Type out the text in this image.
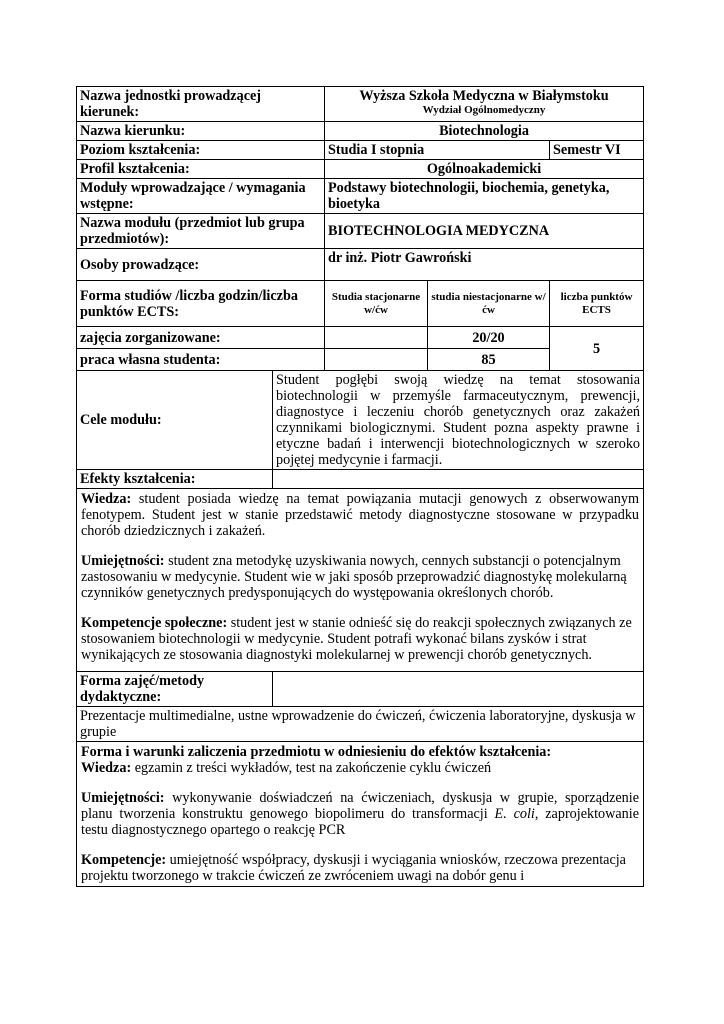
Nazwa jednostki prowadzącej kierunek:		Wyższa Szkoła Medyczna w Białymstoku
Wydział Ogólnomedyczny		

Nazwa kierunku:		Biotechnologia		
Poziom kształcenia:		Studia I stopnia		Semestr VI
Profil kształcenia:		Ogólnoakademicki		
Moduły wprowadzające / wymagania wstępne:		Podstawy biotechnologii, biochemia, genetyka, bioetyka		
Nazwa modułu (przedmiot lub grupa przedmiotów):		BIOTECHNOLOGIA MEDYCZNA		
Osoby prowadzące:		dr inż. Piotr Gawroński		
Forma studiów /liczba godzin/liczba punktów ECTS:		Studia stacjonarne w/ćw	studia niestacjonarne w/ćw	liczba punktów ECTS
zajęcia zorganizowane:			20/20	5
praca własna studenta:			85	
Cele modułu:	Student pogłębi swoją wiedzę na temat stosowania biotechnologii w przemyśle farmaceutycznym, prewencji, diagnostyce i leczeniu chorób genetycznych oraz zakażeń czynnikami biologicznymi. Student pozna aspekty prawne i etyczne badań i interwencji biotechnologicznych w szeroko pojętej medycynie i farmacji.			
Efekty kształcenia:				

Wiedza: student posiada wiedzę na temat powiązania mutacji genowych z obserwowanym fenotypem. Student jest w stanie przedstawić metody diagnostyczne stosowane w przypadku chorób dziedzicznych i zakażeń.

Umiejętności: student zna metodykę uzyskiwania nowych, cennych substancji o potencjalnym zastosowaniu w medycynie. Student wie w jaki sposób przeprowadzić diagnostykę molekularną czynników genetycznych predysponujących do występowania określonych chorób.

Kompetencje społeczne: student jest w stanie odnieść się do reakcji społecznych związanych ze stosowaniem biotechnologii w medycynie. Student potrafi wykonać bilans zysków i strat wynikających ze stosowania diagnostyki molekularnej w prewencji chorób genetycznych.				

Forma zajęć/metody dydaktyczne:				
Prezentacje multimedialne, ustne wprowadzenie do ćwiczeń, ćwiczenia laboratoryjne, dyskusja w grupie				

Forma i warunki zaliczenia przedmiotu w odniesieniu do efektów kształcenia:

Wiedza: egzamin z treści wykładów, test na zakończenie cyklu ćwiczeń

Umiejętności: wykonywanie doświadczeń na ćwiczeniach, dyskusja w grupie, sporządzenie planu tworzenia konstruktu genowego biopolimeru do transformacji E. coli, zaprojektowanie testu diagnostycznego opartego o reakcję PCR

Kompetencje: umiejętność współpracy, dyskusji i wyciągania wniosków, rzeczowa prezentacja projektu tworzonego w trakcie ćwiczeń ze zwróceniem uwagi na dobór genu i				
